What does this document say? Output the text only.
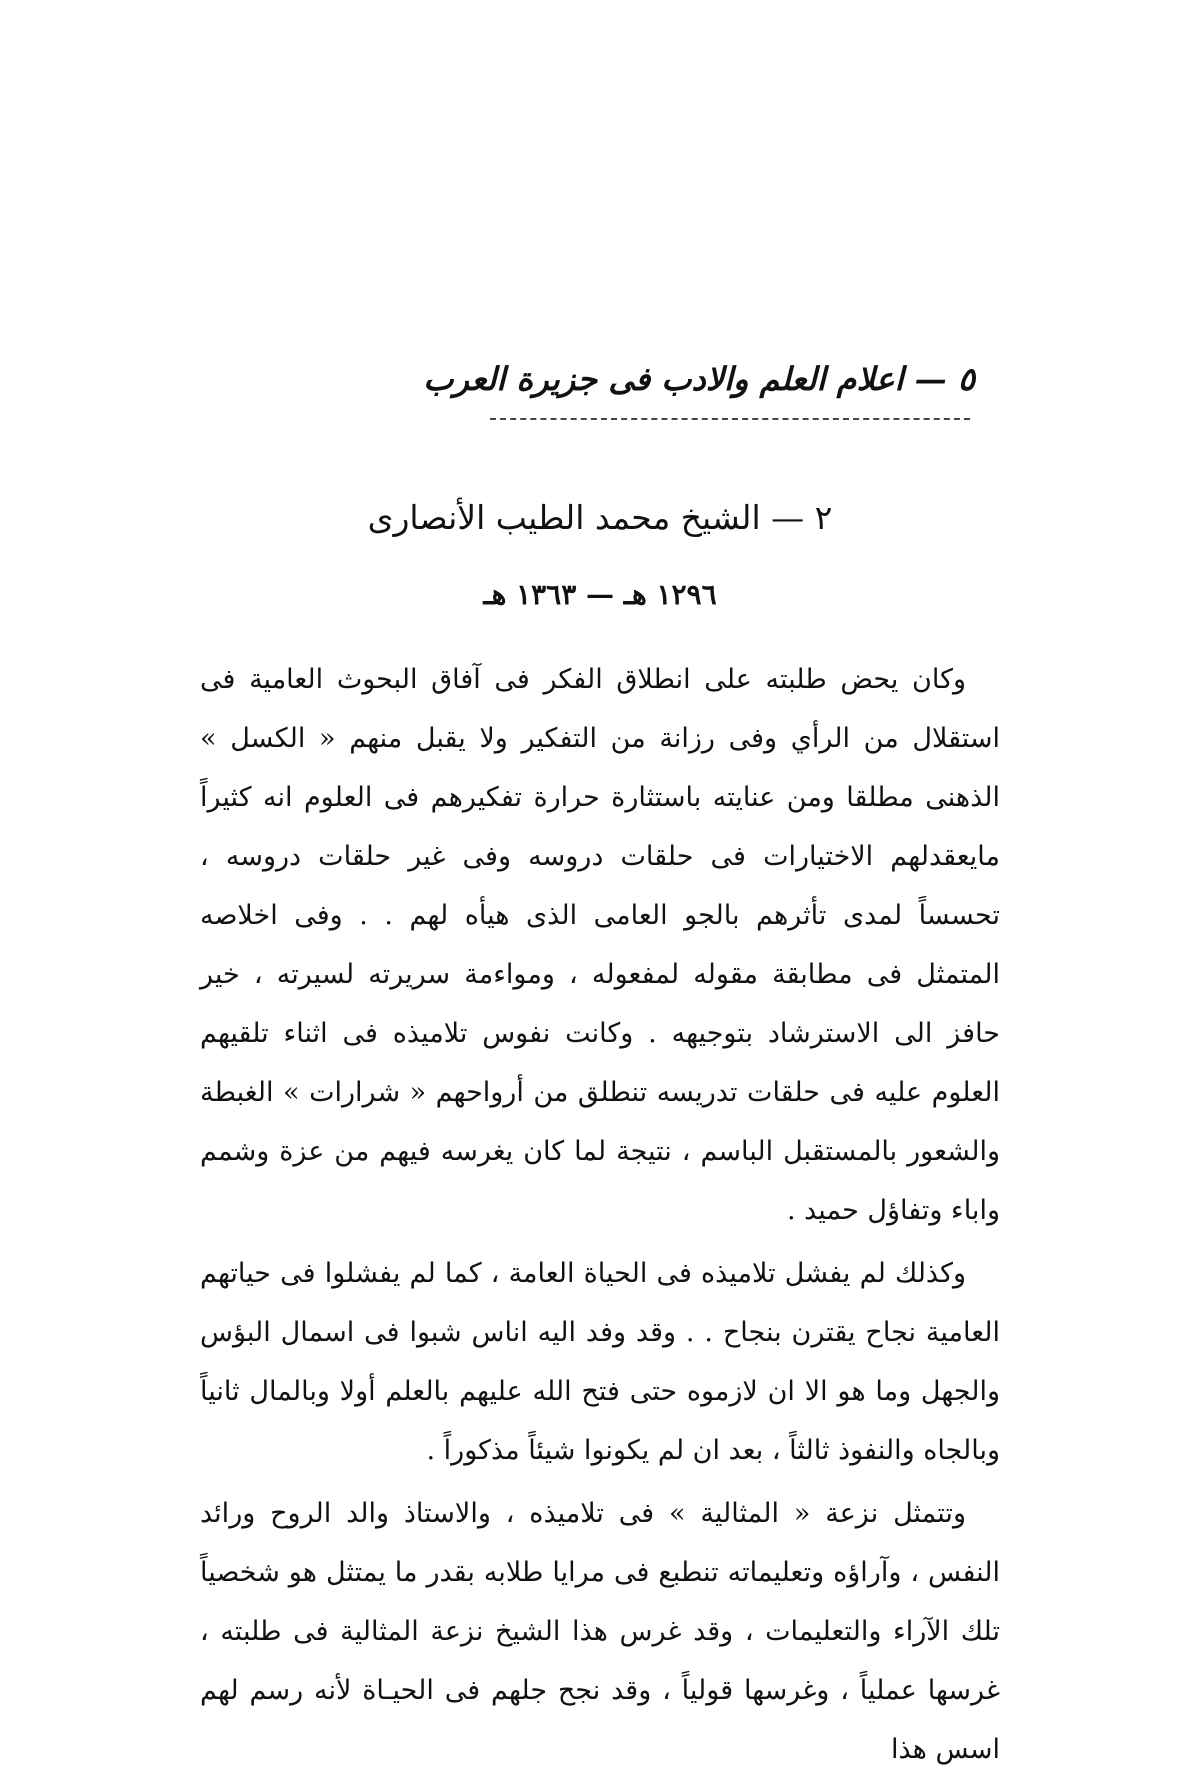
٥ — اعلام العلم والادب فى جزيرة العرب
٢ — الشيخ محمد الطيب الأنصارى
١٢٩٦ هـ — ١٣٦٣ هـ

وكان يحض طلبته على انطلاق الفكر فى آفاق البحوث العامية فى استقلال من الرأي وفى رزانة من التفكير ولا يقبل منهم « الكسل » الذهنى مطلقا ومن عنايته باستثارة حرارة تفكيرهم فى العلوم انه كثيراً مايعقدلهم الاختيارات فى حلقات دروسه وفى غير حلقات دروسه ، تحسساً لمدى تأثرهم بالجو العامى الذى هيأه لهم . . وفى اخلاصه المتمثل فى مطابقة مقوله لمفعوله ، ومواءمة سريرته لسيرته ، خير حافز الى الاسترشاد بتوجيهه . وكانت نفوس تلاميذه فى اثناء تلقيهم العلوم عليه فى حلقات تدريسه تنطلق من أرواحهم « شرارات » الغبطة والشعور بالمستقبل الباسم ، نتيجة لما كان يغرسه فيهم من عزة وشمم واباء وتفاؤل حميد .

وكذلك لم يفشل تلاميذه فى الحياة العامة ، كما لم يفشلوا فى حياتهم العامية نجاح يقترن بنجاح . . وقد وفد اليه اناس شبوا فى اسمال البؤس والجهل وما هو الا ان لازموه حتى فتح الله عليهم بالعلم أولا وبالمال ثانياً وبالجاه والنفوذ ثالثاً ، بعد ان لم يكونوا شيئاً مذكوراً .

وتتمثل نزعة « المثالية » فى تلاميذه ، والاستاذ والد الروح ورائد النفس ، وآراؤه وتعليماته تنطبع فى مرايا طلابه بقدر ما يمتثل هو شخصياً تلك الآراء والتعليمات ، وقد غرس هذا الشيخ نزعة المثالية فى طلبته ، غرسها عملياً ، وغرسها قولياً ، وقد نجح جلهم فى الحيـاة لأنه رسم لهم اسس هذا
